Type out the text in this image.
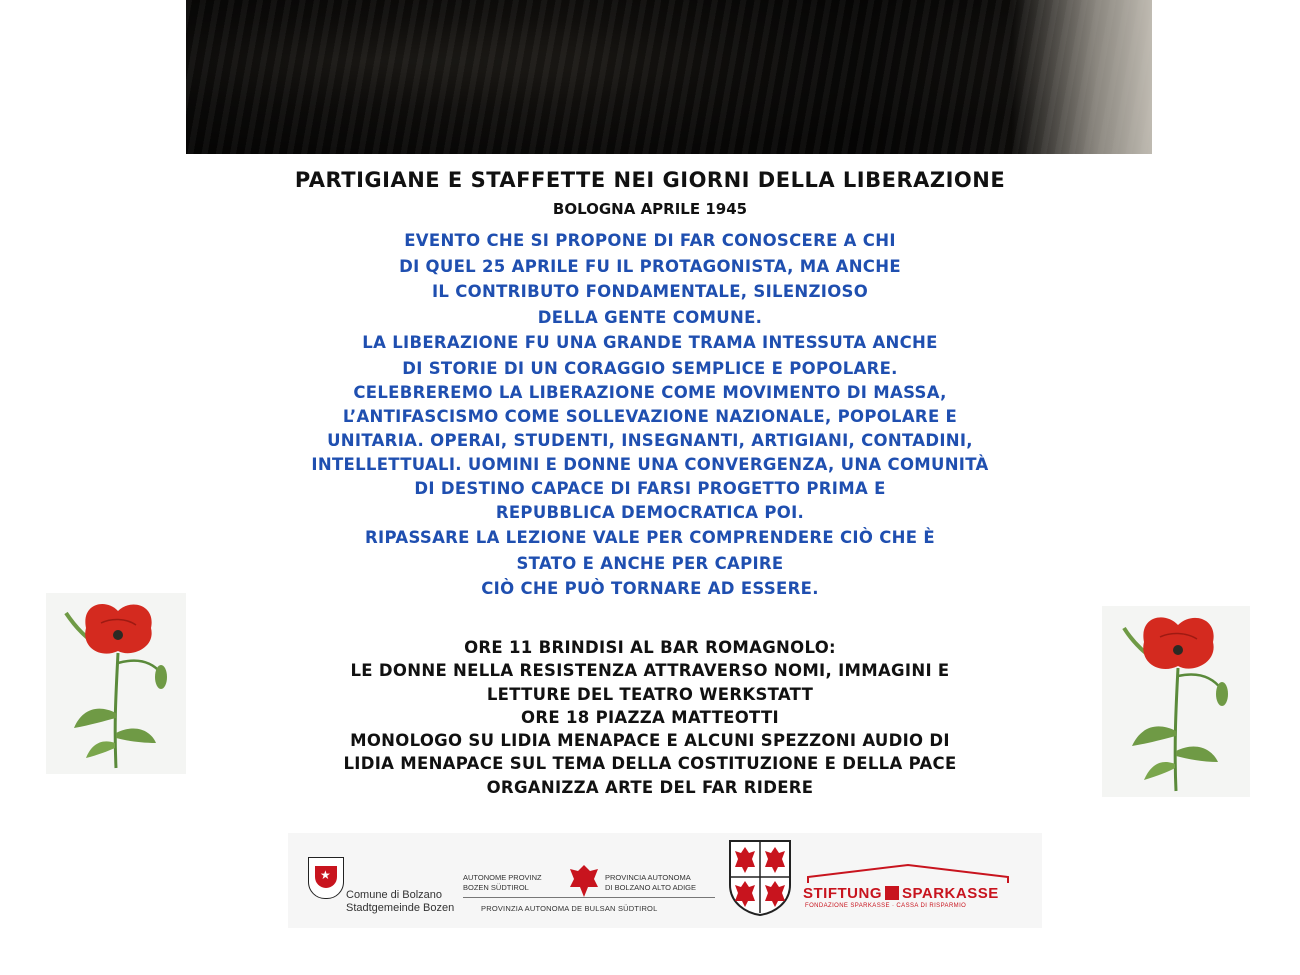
PARTIGIANE E STAFFETTE NEI GIORNI DELLA LIBERAZIONE
BOLOGNA APRILE 1945
EVENTO CHE SI PROPONE DI FAR CONOSCERE A CHI
DI QUEL 25 APRILE FU IL PROTAGONISTA, MA ANCHE
IL CONTRIBUTO FONDAMENTALE, SILENZIOSO
DELLA GENTE COMUNE.
LA LIBERAZIONE FU UNA GRANDE TRAMA INTESSUTA ANCHE
DI STORIE DI UN CORAGGIO SEMPLICE E POPOLARE.
CELEBREREMO LA LIBERAZIONE COME MOVIMENTO DI MASSA,
L’ANTIFASCISMO COME SOLLEVAZIONE NAZIONALE, POPOLARE E
UNITARIA. OPERAI, STUDENTI, INSEGNANTI, ARTIGIANI, CONTADINI,
INTELLETTUALI. UOMINI E DONNE UNA CONVERGENZA, UNA COMUNITÀ
DI DESTINO CAPACE DI FARSI PROGETTO PRIMA E
REPUBBLICA DEMOCRATICA POI.
RIPASSARE LA LEZIONE VALE PER COMPRENDERE CIÒ CHE È
STATO E ANCHE PER CAPIRE
CIÒ CHE PUÒ TORNARE AD ESSERE.
ORE 11 BRINDISI AL BAR ROMAGNOLO:
LE DONNE NELLA RESISTENZA ATTRAVERSO NOMI, IMMAGINI E
LETTURE DEL TEATRO WERKSTATT
ORE 18 PIAZZA MATTEOTTI
MONOLOGO SU LIDIA MENAPACE E ALCUNI SPEZZONI AUDIO DI
LIDIA MENAPACE SUL TEMA DELLA COSTITUZIONE E DELLA PACE
ORGANIZZA ARTE DEL FAR RIDERE
★
Comune di Bolzano
Stadtgemeinde Bozen
AUTONOME PROVINZ
BOZEN SÜDTIROL
PROVINCIA AUTONOMA
DI BOLZANO ALTO ADIGE
PROVINZIA AUTONOMA DE BULSAN SÜDTIROL
STIFTUNG SPARKASSE
FONDAZIONE SPARKASSE · CASSA DI RISPARMIO
